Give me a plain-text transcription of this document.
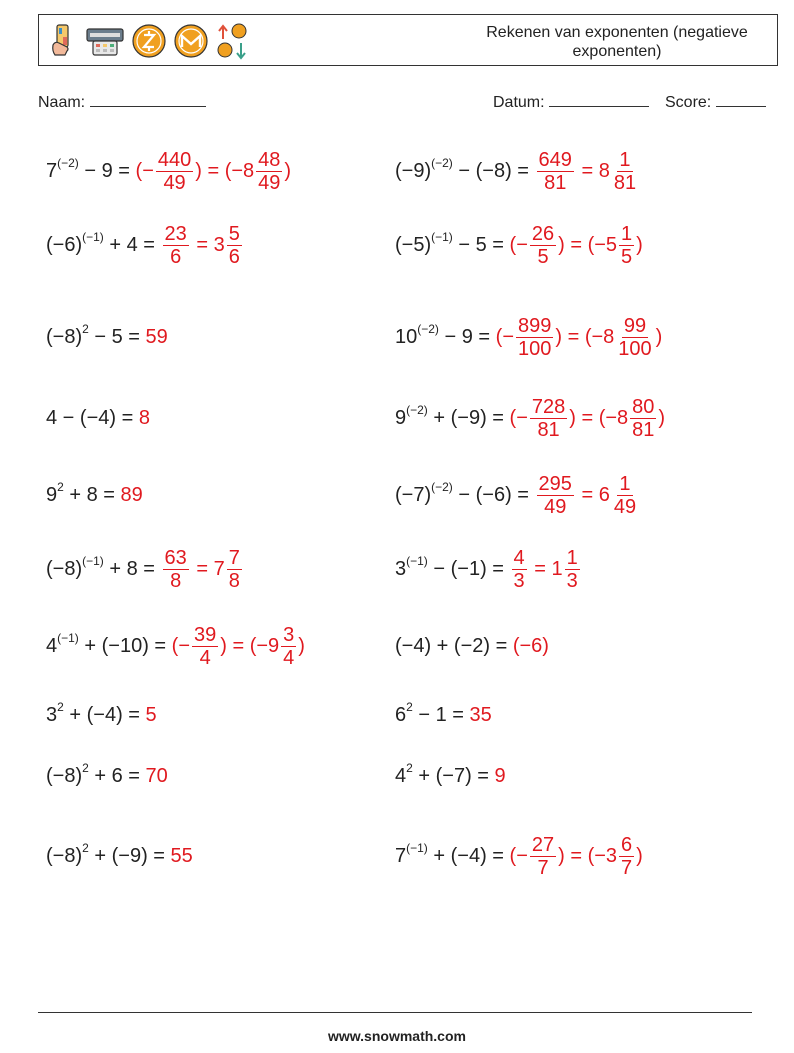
Rekenen van exponenten (negatieve exponenten)
Naam:	Datum:	Score:
$7^{(-2)} - 9$ = (− $\frac{440}{49}$ ) = ($-8 \frac{48}{49}$ )	$(-9)^{(-2)} - (-8) = \frac{649}{81} = 8 \frac{1}{81}$
$(-6)^{(-1)} + 4 = \frac{23}{6} = 3 \frac{5}{6}$	$(-5)^{(-1)} - 5$ = (− $\frac{26}{5}$ ) = ($-5 \frac{1}{5}$ )
$(-8)^2 - 5 = 59$	$10^{(-2)} - 9$ = (− $\frac{899}{100}$ ) = ($-8 \frac{99}{100}$ )
4 − (−4) = 8	$9^{(-2)} + (-9)$ = (− $\frac{728}{81}$ ) = ($-8 \frac{80}{81}$ )
$9^2 + 8 = 89$	$(-7)^{(-2)} - (-6) = \frac{295}{49} = 6 \frac{1}{49}$
$(-8)^{(-1)} + 8 = \frac{63}{8} = 7 \frac{7}{8}$	$3^{(-1)} - (-1) = \frac{4}{3} = 1 \frac{1}{3}$
$4^{(-1)} + (-10)$ = (− $\frac{39}{4}$ ) = ($-9 \frac{3}{4}$ )	(−4) + (−2) = (−6)
$3^2 + (-4) = 5$	$6^2 - 1 = 35$
$(-8)^2 + 6 = 70$	$4^2 + (-7) = 9$
$(-8)^2 + (-9) = 55$	$7^{(-1)} + (-4)$ = (− $\frac{27}{7}$ ) = ($-3 \frac{6}{7}$ )
www.snowmath.com
